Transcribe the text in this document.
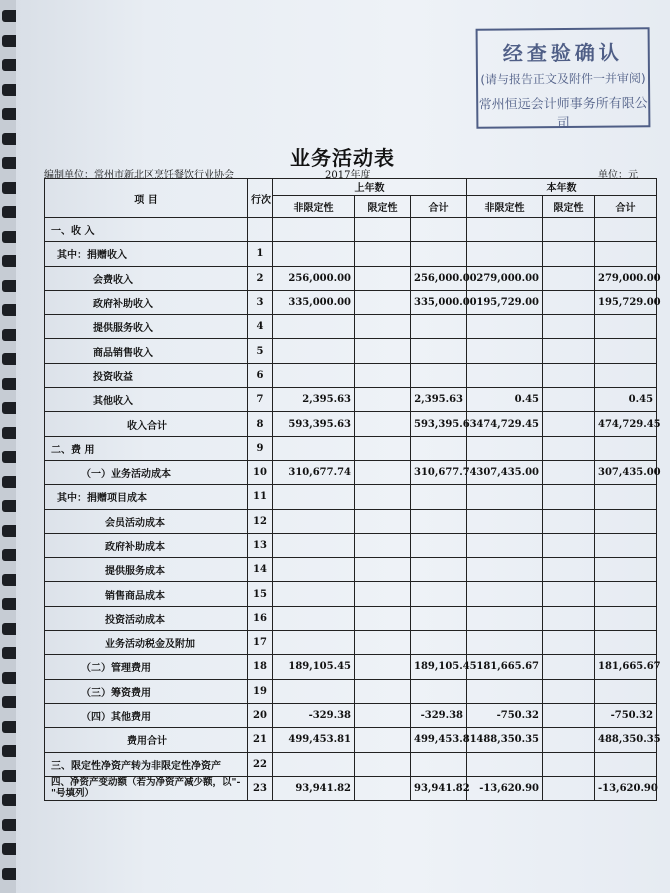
经查验确认
(请与报告正文及附件一并审阅)
常州恒远会计师事务所有限公司
业务活动表
编制单位：常州市新北区烹饪餐饮行业协会	2017年度	单位：元
项 目	行次	上年数			本年数		
		非限定性	限定性	合计	非限定性	限定性	合计
一、收 入							
其中：捐赠收入	1						
会费收入	2	256,000.00		256,000.00	279,000.00		279,000.00
政府补助收入	3	335,000.00		335,000.00	195,729.00		195,729.00
提供服务收入	4						
商品销售收入	5						
投资收益	6						
其他收入	7	2,395.63		2,395.63	0.45		0.45
收入合计	8	593,395.63		593,395.63	474,729.45		474,729.45
二、费 用	9						
（一）业务活动成本	10	310,677.74		310,677.74	307,435.00		307,435.00
其中：捐赠项目成本	11						
会员活动成本	12						
政府补助成本	13						
提供服务成本	14						
销售商品成本	15						
投资活动成本	16						
业务活动税金及附加	17						
（二）管理费用	18	189,105.45		189,105.45	181,665.67		181,665.67
（三）筹资费用	19						
（四）其他费用	20	-329.38		-329.38	-750.32		-750.32
费用合计	21	499,453.81		499,453.81	488,350.35		488,350.35
三、限定性净资产转为非限定性净资产	22						
四、净资产变动额（若为净资产减少额，以"-"号填列）	23	93,941.82		93,941.82	-13,620.90		-13,620.90
